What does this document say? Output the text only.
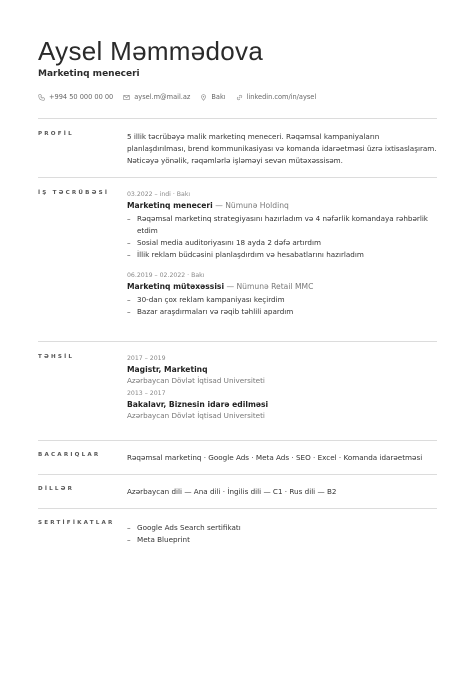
Aysel Məmmədova
Marketinq meneceri
+994 50 000 00 00	aysel.m@mail.az	Bakı	linkedin.com/in/aysel
PROFİL	5 illik təcrübəyə malik marketinq meneceri. Rəqəmsal kampaniyaların planlaşdırılması, brend kommunikasiyası və komanda idarəetməsi üzrə ixtisaslaşıram. Nəticəyə yönəlik, rəqəmlərlə işləməyi sevən mütəxəssisəm.
İŞ TƏCRÜBƏSİ	03.2022 – indi · Bakı
Marketinq meneceri — Nümunə Holdinq
– Rəqəmsal marketinq strategiyasını hazırladım və 4 nəfərlik komandaya rəhbərlik etdim
– Sosial media auditoriyasını 18 ayda 2 dəfə artırdım
– İllik reklam büdcəsini planlaşdırdım və hesabatlarını hazırladım
06.2019 – 02.2022 · Bakı
Marketinq mütəxəssisi — Nümunə Retail MMC
– 30-dan çox reklam kampaniyası keçirdim
– Bazar araşdırmaları və rəqib təhlili apardım
TƏHSİL	2017 – 2019
Magistr, Marketinq
Azərbaycan Dövlət İqtisad Universiteti
2013 – 2017
Bakalavr, Biznesin idarə edilməsi
Azərbaycan Dövlət İqtisad Universiteti
BACARIQLAR	Rəqəmsal marketinq · Google Ads · Meta Ads · SEO · Excel · Komanda idarəetməsi
DİLLƏR	Azərbaycan dili — Ana dili · İngilis dili — C1 · Rus dili — B2
SERTİFİKATLAR
–	Google Ads Search sertifikatı
– Meta Blueprint
